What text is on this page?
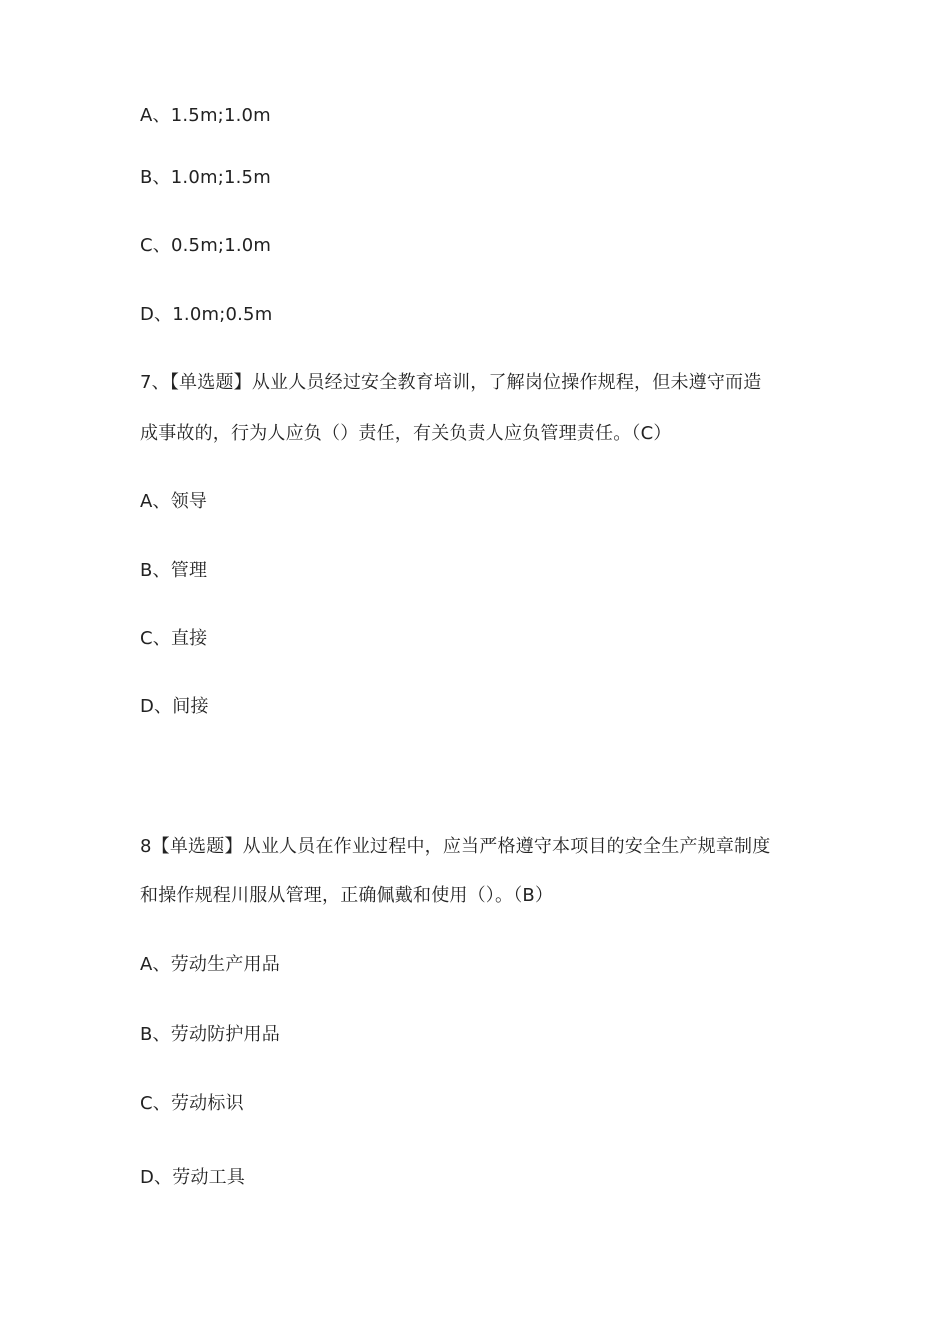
A、1.5m;1.0m
B、1.0m;1.5m
C、0.5m;1.0m
D、1.0m;0.5m
7、【单选题】从业人员经过安全教育培训，了解岗位操作规程，但未遵守而造
成事故的，行为人应负（）责任，有关负责人应负管理责任。（C）
A、领导
B、管理
C、直接
D、间接
8【单选题】从业人员在作业过程中，应当严格遵守本项目的安全生产规章制度
和操作规程川服从管理，正确佩戴和使用（）。（B）
A、劳动生产用品
B、劳动防护用品
C、劳动标识
D、劳动工具
